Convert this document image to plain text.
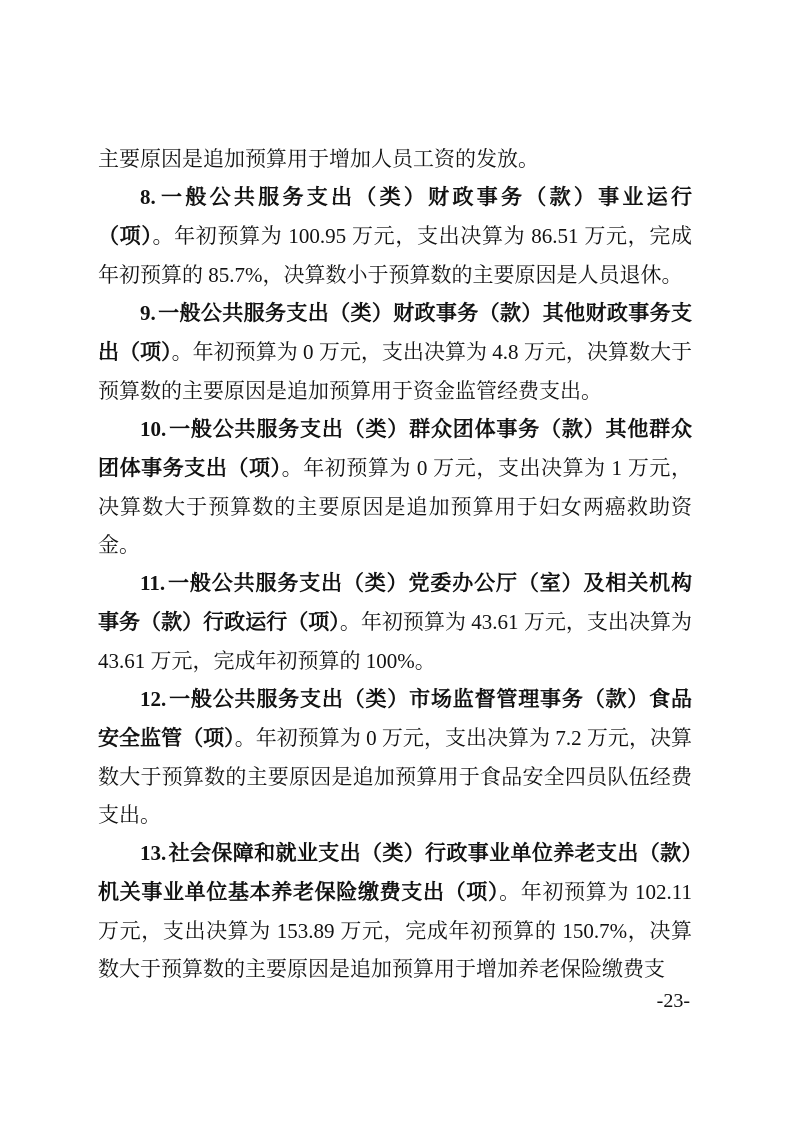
主要原因是追加预算用于增加人员工资的发放。

8.一般公共服务支出（类）财政事务（款）事业运行（项）。年初预算为 100.95 万元，支出决算为 86.51 万元，完成年初预算的 85.7%，决算数小于预算数的主要原因是人员退休。

9.一般公共服务支出（类）财政事务（款）其他财政事务支出（项）。年初预算为 0 万元，支出决算为 4.8 万元，决算数大于预算数的主要原因是追加预算用于资金监管经费支出。

10.一般公共服务支出（类）群众团体事务（款）其他群众团体事务支出（项）。年初预算为 0 万元，支出决算为 1 万元，决算数大于预算数的主要原因是追加预算用于妇女两癌救助资金。

11.一般公共服务支出（类）党委办公厅（室）及相关机构事务（款）行政运行（项）。年初预算为 43.61 万元，支出决算为 43.61 万元，完成年初预算的 100%。

12.一般公共服务支出（类）市场监督管理事务（款）食品安全监管（项）。年初预算为 0 万元，支出决算为 7.2 万元，决算数大于预算数的主要原因是追加预算用于食品安全四员队伍经费支出。

13.社会保障和就业支出（类）行政事业单位养老支出（款）机关事业单位基本养老保险缴费支出（项）。年初预算为 102.11 万元，支出决算为 153.89 万元，完成年初预算的 150.7%，决算数大于预算数的主要原因是追加预算用于增加养老保险缴费支

-23-
